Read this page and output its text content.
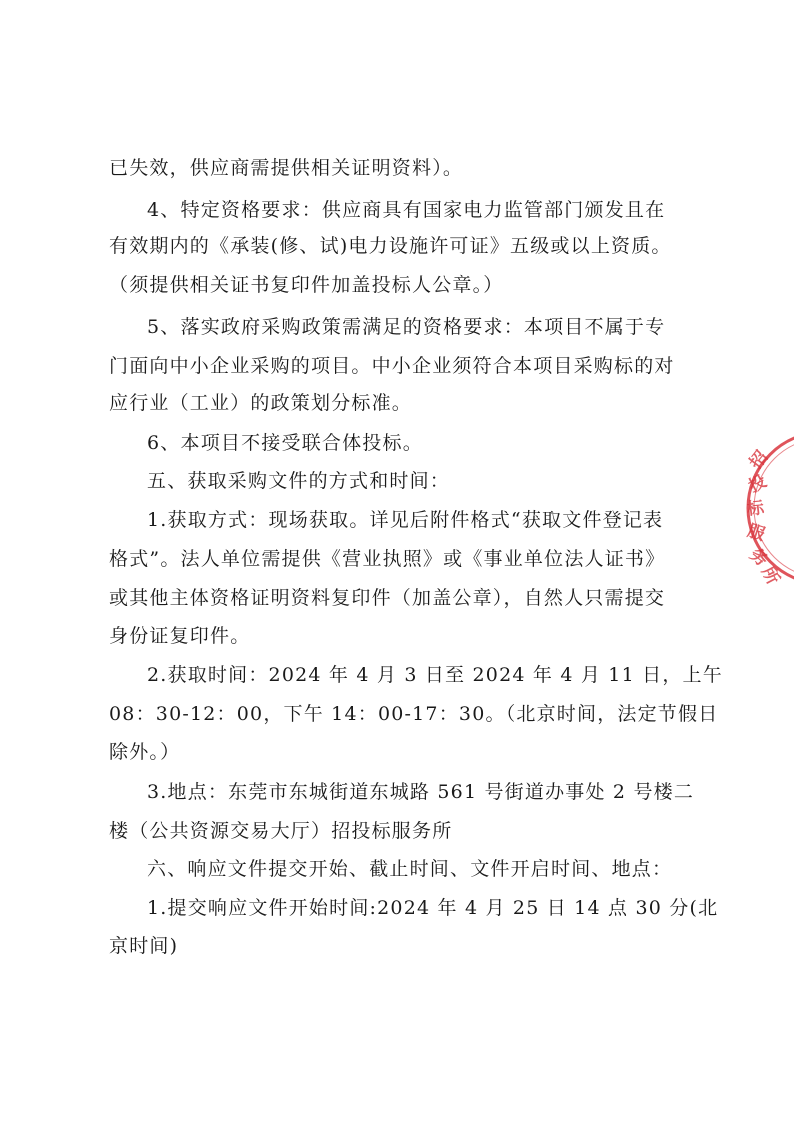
已失效，供应商需提供相关证明资料）。
4、特定资格要求：供应商具有国家电力监管部门颁发且在
有效期内的《承装(修、试)电力设施许可证》五级或以上资质。
（须提供相关证书复印件加盖投标人公章。）
5、落实政府采购政策需满足的资格要求：本项目不属于专
门面向中小企业采购的项目。中小企业须符合本项目采购标的对
应行业（工业）的政策划分标准。
6、本项目不接受联合体投标。
五、获取采购文件的方式和时间：
1.获取方式：现场获取。详见后附件格式“获取文件登记表
格式”。法人单位需提供《营业执照》或《事业单位法人证书》
或其他主体资格证明资料复印件（加盖公章），自然人只需提交
身份证复印件。
2.获取时间：2024 年 4 月 3 日至 2024 年 4 月 11 日，上午
08：30-12：00，下午 14：00-17：30。（北京时间，法定节假日
除外。）
3.地点：东莞市东城街道东城路 561 号街道办事处 2 号楼二
楼（公共资源交易大厅）招投标服务所
六、响应文件提交开始、截止时间、文件开启时间、地点：
1.提交响应文件开始时间:2024 年 4 月 25 日 14 点 30 分(北
京时间)
招
投
标
服
务
所
